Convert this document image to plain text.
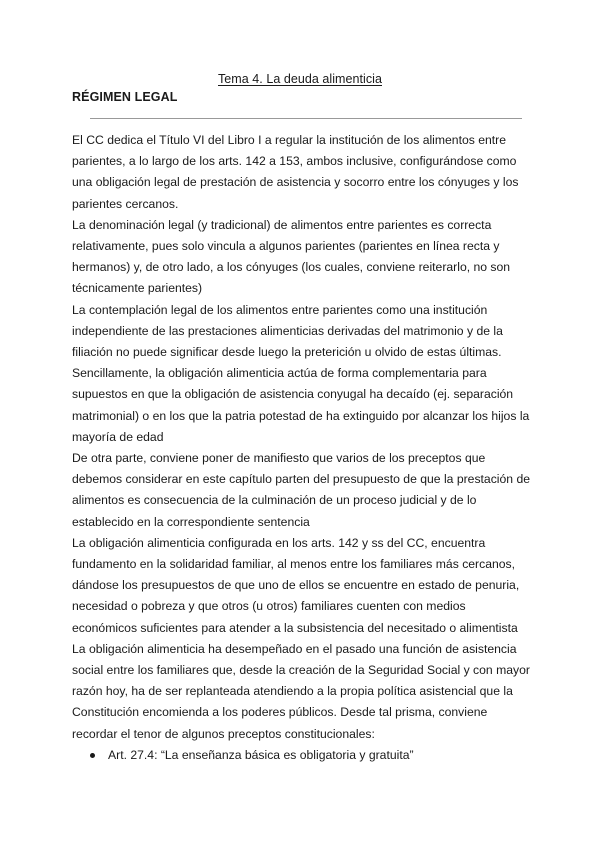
Tema 4. La deuda alimenticia
RÉGIMEN LEGAL

El CC dedica el Título VI del Libro I a regular la institución de los alimentos entre

parientes, a lo largo de los arts. 142 a 153, ambos inclusive, configurándose como

una obligación legal de prestación de asistencia y socorro entre los cónyuges y los

parientes cercanos.

La denominación legal (y tradicional) de alimentos entre parientes es correcta

relativamente, pues solo vincula a algunos parientes (parientes en línea recta y

hermanos) y, de otro lado, a los cónyuges (los cuales, conviene reiterarlo, no son

técnicamente parientes)

La contemplación legal de los alimentos entre parientes como una institución

independiente de las prestaciones alimenticias derivadas del matrimonio y de la

filiación no puede significar desde luego la preterición u olvido de estas últimas.

Sencillamente, la obligación alimenticia actúa de forma complementaria para

supuestos en que la obligación de asistencia conyugal ha decaído (ej. separación

matrimonial) o en los que la patria potestad de ha extinguido por alcanzar los hijos la

mayoría de edad

De otra parte, conviene poner de manifiesto que varios de los preceptos que

debemos considerar en este capítulo parten del presupuesto de que la prestación de

alimentos es consecuencia de la culminación de un proceso judicial y de lo

establecido en la correspondiente sentencia

La obligación alimenticia configurada en los arts. 142 y ss del CC, encuentra

fundamento en la solidaridad familiar, al menos entre los familiares más cercanos,

dándose los presupuestos de que uno de ellos se encuentre en estado de penuria,

necesidad o pobreza y que otros (u otros) familiares cuenten con medios

económicos suficientes para atender a la subsistencia del necesitado o alimentista

La obligación alimenticia ha desempeñado en el pasado una función de asistencia

social entre los familiares que, desde la creación de la Seguridad Social y con mayor

razón hoy, ha de ser replanteada atendiendo a la propia política asistencial que la

Constitución encomienda a los poderes públicos. Desde tal prisma, conviene

recordar el tenor de algunos preceptos constitucionales:

Art. 27.4: “La enseñanza básica es obligatoria y gratuita”
